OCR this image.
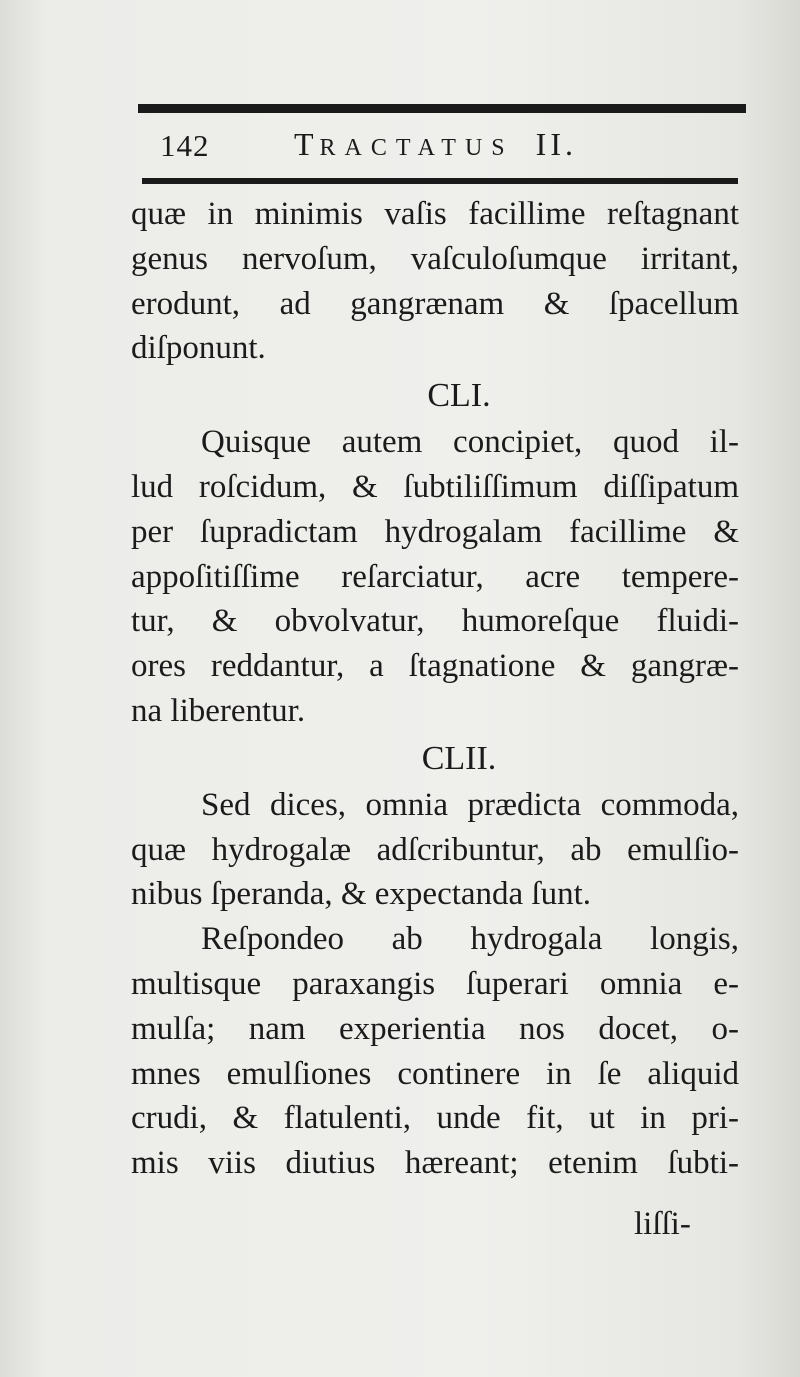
142	TRACTATUS II.
quæ in minimis vaſis facillime reſtagnant
genus nervoſum, vaſculoſumque irritant,
erodunt, ad gangrænam & ſpacellum
diſponunt.
CLI.
Quisque autem concipiet, quod il-
lud roſcidum, & ſubtiliſſimum diſſipatum
per ſupradictam hydrogalam facillime &
appoſitiſſime reſarciatur, acre tempere-
tur, & obvolvatur, humoreſque fluidi-
ores reddantur, a ſtagnatione & gangræ-
na liberentur.
CLII.
Sed dices, omnia prædicta commoda,
quæ hydrogalæ adſcribuntur, ab emulſio-
nibus ſperanda, & expectanda ſunt.
Reſpondeo ab hydrogala longis,
multisque paraxangis ſuperari omnia e-
mulſa; nam experientia nos docet, o-
mnes emulſiones continere in ſe aliquid
crudi, & flatulenti, unde fit, ut in pri-
mis viis diutius hæreant; etenim ſubti-
liſſi-
